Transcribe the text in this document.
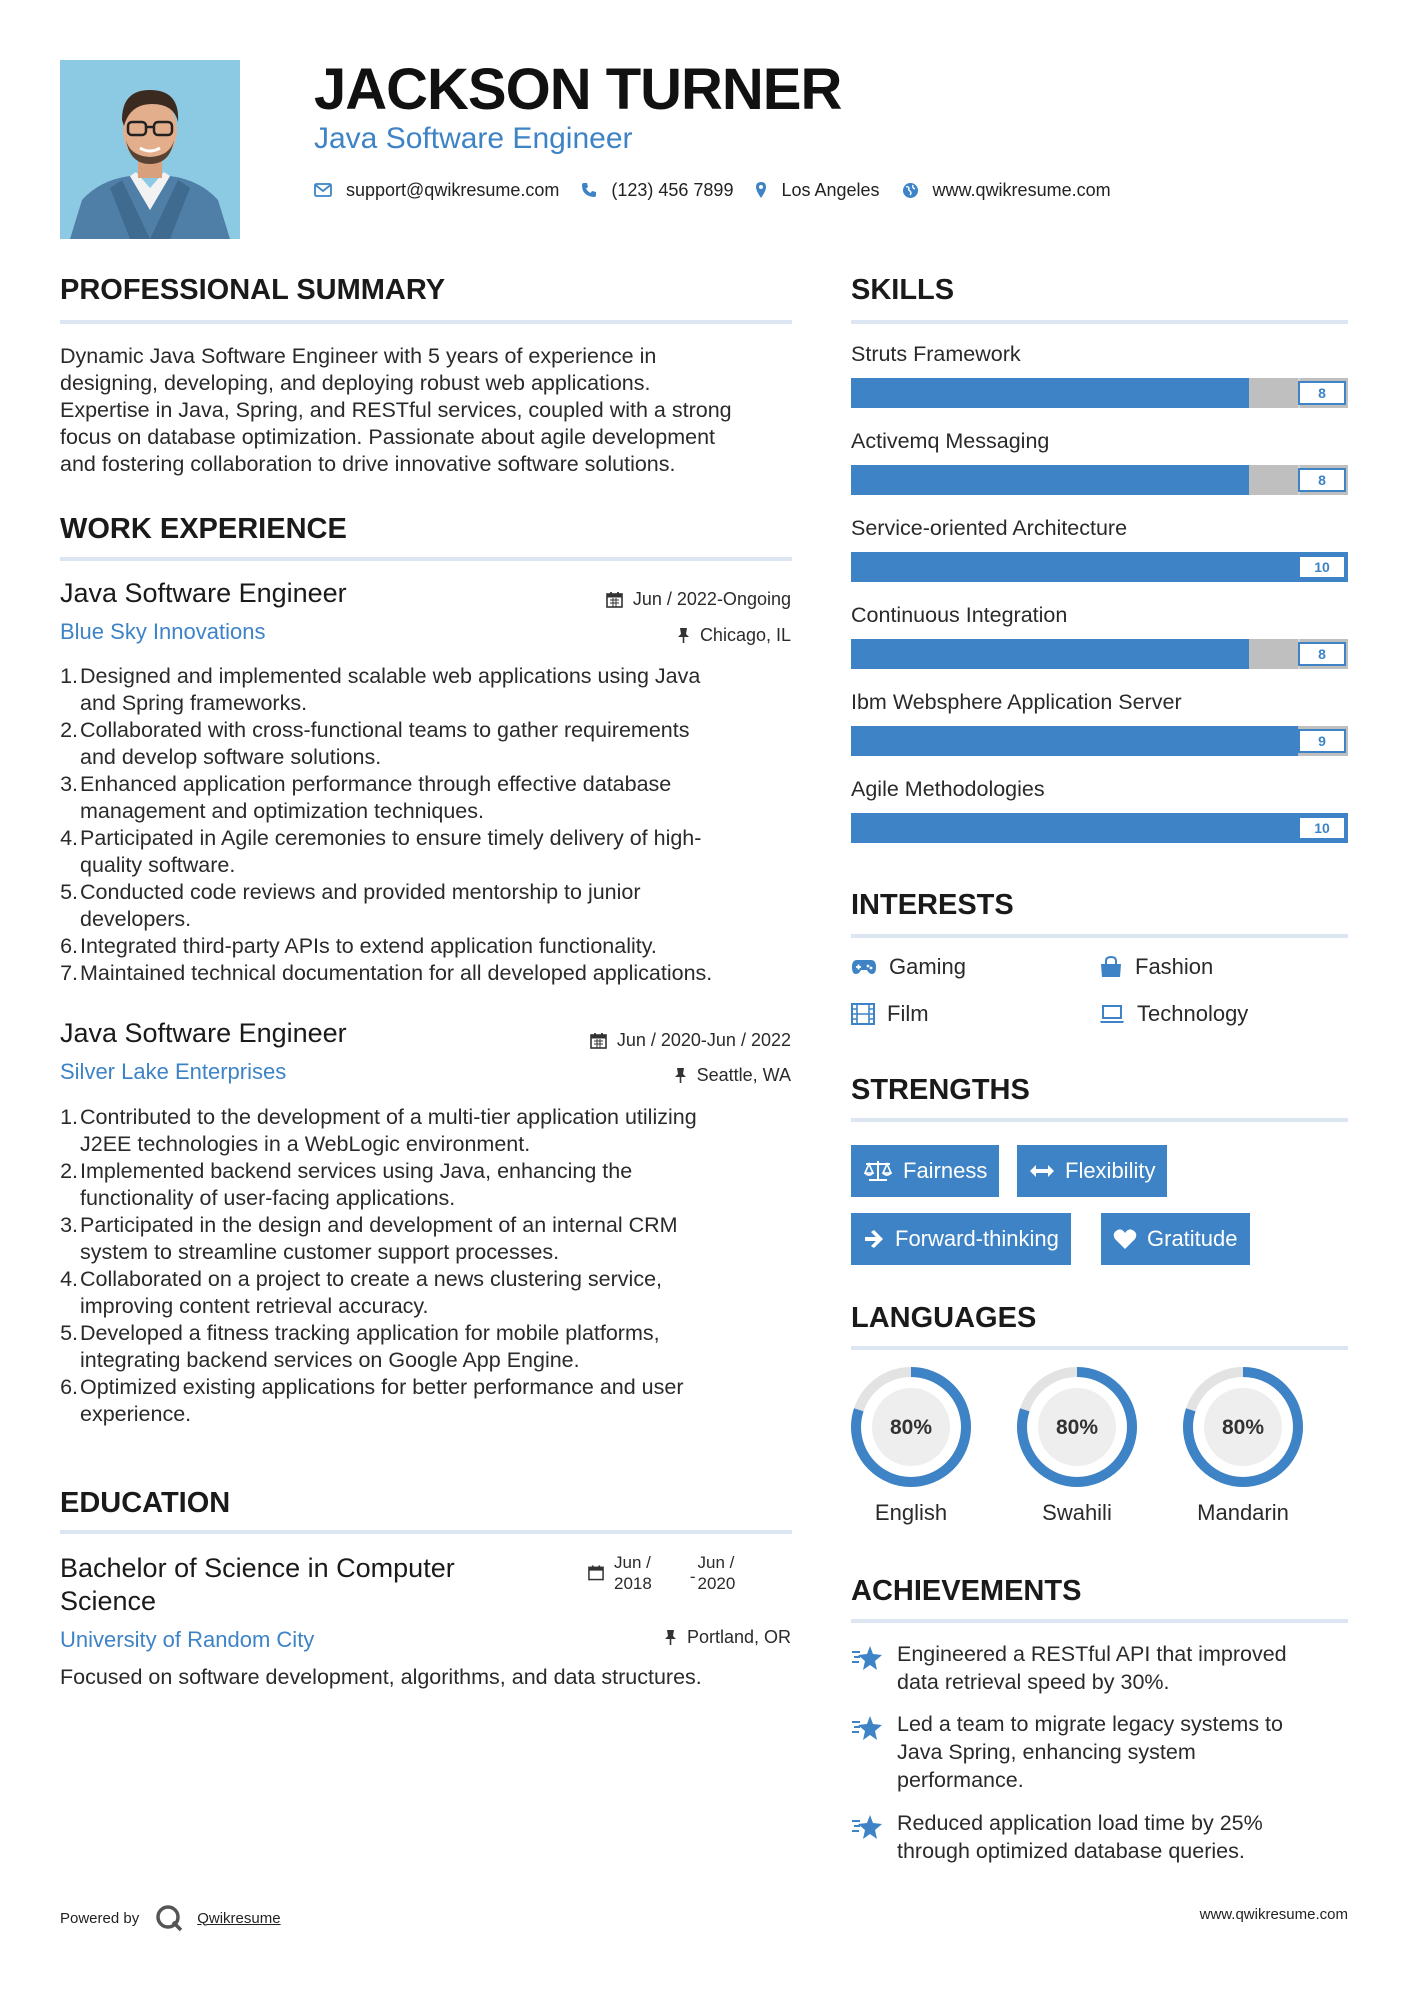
JACKSON TURNER
Java Software Engineer
support@qwikresume.com	(123) 456 7899	Los Angeles	www.qwikresume.com
PROFESSIONAL SUMMARY
Dynamic Java Software Engineer with 5 years of experience in
designing, developing, and deploying robust web applications.
Expertise in Java, Spring, and RESTful services, coupled with a strong
focus on database optimization. Passionate about agile development
and fostering collaboration to drive innovative software solutions.
WORK EXPERIENCE
Java Software Engineer
Blue Sky Innovations
Jun / 2022-Ongoing
Chicago, IL
1. Designed and implemented scalable web applications using Java
and Spring frameworks.
2. Collaborated with cross-functional teams to gather requirements
and develop software solutions.
3. Enhanced application performance through effective database
management and optimization techniques.
4. Participated in Agile ceremonies to ensure timely delivery of high-
quality software.
5. Conducted code reviews and provided mentorship to junior
developers.
6. Integrated third-party APIs to extend application functionality.
7. Maintained technical documentation for all developed applications.
Java Software Engineer
Silver Lake Enterprises
Jun / 2020-Jun / 2022
Seattle, WA
1. Contributed to the development of a multi-tier application utilizing
J2EE technologies in a WebLogic environment.
2. Implemented backend services using Java, enhancing the
functionality of user-facing applications.
3. Participated in the design and development of an internal CRM
system to streamline customer support processes.
4. Collaborated on a project to create a news clustering service,
improving content retrieval accuracy.
5. Developed a fitness tracking application for mobile platforms,
integrating backend services on Google App Engine.
6. Optimized existing applications for better performance and user
experience.
EDUCATION
Bachelor of Science in Computer
Science
University of Random City
Jun /
2018 -
Jun /
2020
Portland, OR
Focused on software development, algorithms, and data structures.
SKILLS
Struts Framework
8
Activemq Messaging
8
Service-oriented Architecture
10
Continuous Integration
8
Ibm Websphere Application Server
9
Agile Methodologies
10
INTERESTS
Gaming	Fashion
Film	Technology
STRENGTHS
Fairness	Flexibility
Forward-thinking	Gratitude
LANGUAGES
80%
English
80%
Swahili
80%
Mandarin
ACHIEVEMENTS
Engineered a RESTful API that improved
data retrieval speed by 30%.
Led a team to migrate legacy systems to
Java Spring, enhancing system
performance.
Reduced application load time by 25%
through optimized database queries.
Powered by	Qwikresume	www.qwikresume.com
